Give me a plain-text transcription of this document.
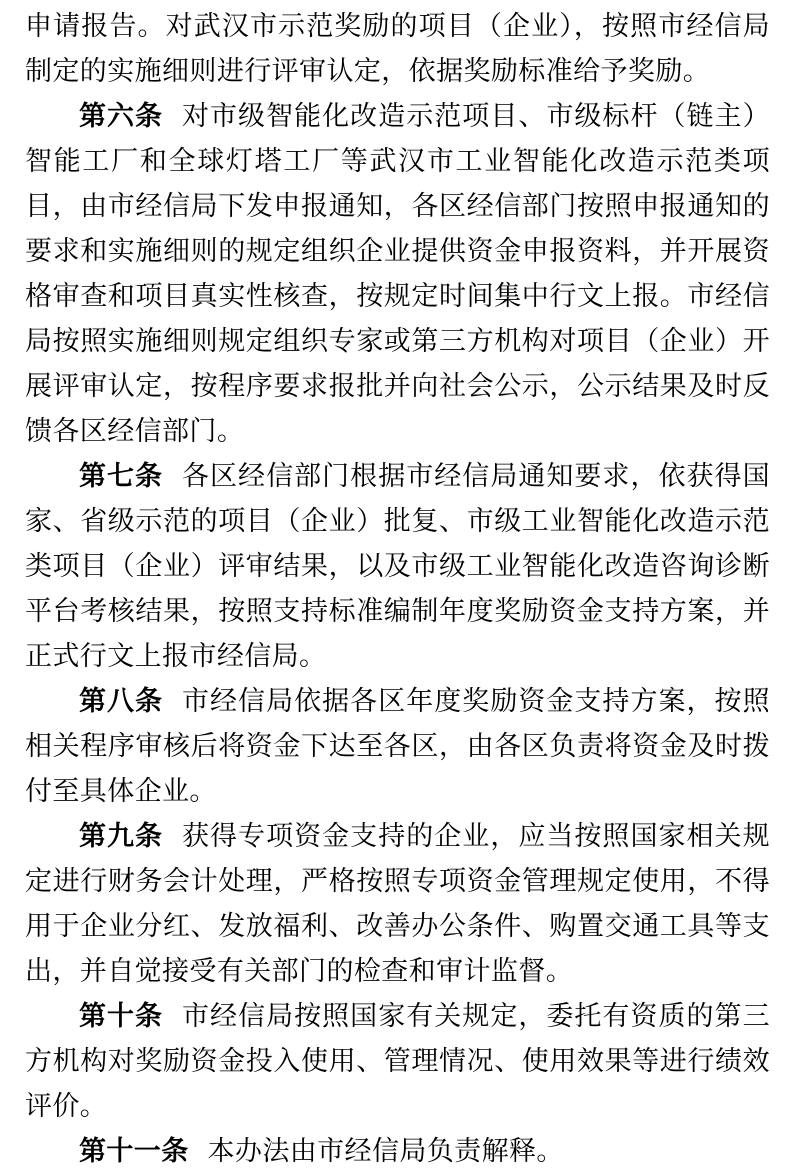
申请报告。对武汉市示范奖励的项目（企业），按照市经信局制定的实施细则进行评审认定，依据奖励标准给予奖励。

第六条 对市级智能化改造示范项目、市级标杆（链主）智能工厂和全球灯塔工厂等武汉市工业智能化改造示范类项目，由市经信局下发申报通知，各区经信部门按照申报通知的要求和实施细则的规定组织企业提供资金申报资料，并开展资格审查和项目真实性核查，按规定时间集中行文上报。市经信局按照实施细则规定组织专家或第三方机构对项目（企业）开展评审认定，按程序要求报批并向社会公示，公示结果及时反馈各区经信部门。

第七条 各区经信部门根据市经信局通知要求，依获得国家、省级示范的项目（企业）批复、市级工业智能化改造示范类项目（企业）评审结果，以及市级工业智能化改造咨询诊断平台考核结果，按照支持标准编制年度奖励资金支持方案，并正式行文上报市经信局。

第八条 市经信局依据各区年度奖励资金支持方案，按照相关程序审核后将资金下达至各区，由各区负责将资金及时拨付至具体企业。

第九条 获得专项资金支持的企业，应当按照国家相关规定进行财务会计处理，严格按照专项资金管理规定使用，不得用于企业分红、发放福利、改善办公条件、购置交通工具等支出，并自觉接受有关部门的检查和审计监督。

第十条 市经信局按照国家有关规定，委托有资质的第三方机构对奖励资金投入使用、管理情况、使用效果等进行绩效评价。

第十一条 本办法由市经信局负责解释。
